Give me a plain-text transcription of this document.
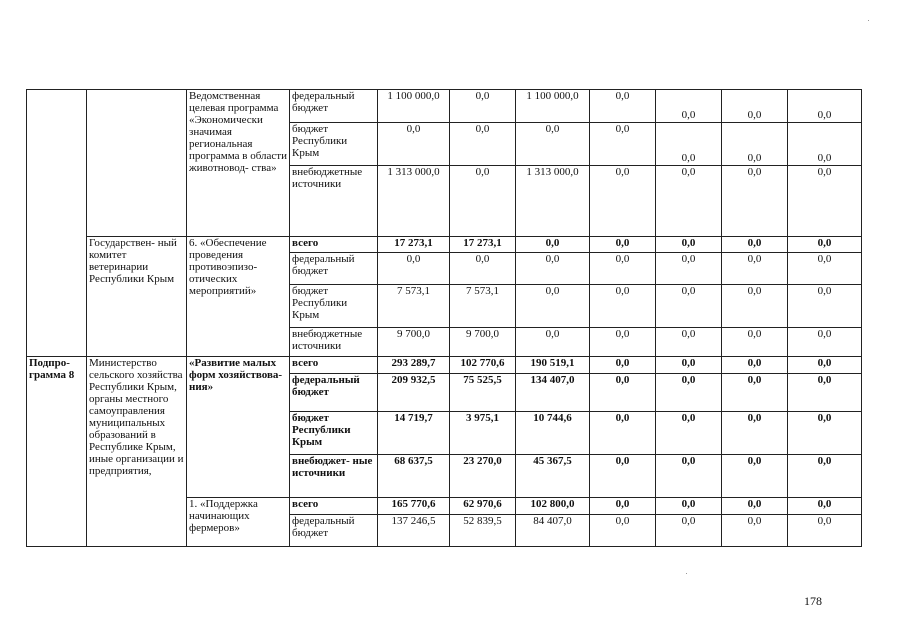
		Ведомственная целевая программа «Экономически значимая региональная программа в области животновод- ства»	федеральный бюджет	1 100 000,0	0,0	1 100 000,0	0,0	0,0	0,0	0,0
			бюджет Республики Крым	0,0	0,0	0,0	0,0	0,0	0,0	0,0
			внебюджетные источники	1 313 000,0	0,0	1 313 000,0	0,0	0,0	0,0	0,0
	Государствен- ный комитет ветеринарии Республики Крым	6. «Обеспечение проведения противоэпизо- отических мероприятий»	всего	17 273,1	17 273,1	0,0	0,0	0,0	0,0	0,0
			федеральный бюджет	0,0	0,0	0,0	0,0	0,0	0,0	0,0
			бюджет Республики Крым	7 573,1	7 573,1	0,0	0,0	0,0	0,0	0,0
			внебюджетные источники	9 700,0	9 700,0	0,0	0,0	0,0	0,0	0,0
Подпро- грамма 8	Министерство сельского хозяйства Республики Крым, органы местного самоуправления муниципальных образований в Республике Крым, иные организации и предприятия,	«Развитие малых форм хозяйствова- ния»	всего	293 289,7	102 770,6	190 519,1	0,0	0,0	0,0	0,0
			федеральный бюджет	209 932,5	75 525,5	134 407,0	0,0	0,0	0,0	0,0
			бюджет Республики Крым	14 719,7	3 975,1	10 744,6	0,0	0,0	0,0	0,0
			внебюджет- ные источники	68 637,5	23 270,0	45 367,5	0,0	0,0	0,0	0,0
		1. «Поддержка начинающих фермеров»	всего	165 770,6	62 970,6	102 800,0	0,0	0,0	0,0	0,0
			федеральный бюджет	137 246,5	52 839,5	84 407,0	0,0	0,0	0,0	0,0
178
